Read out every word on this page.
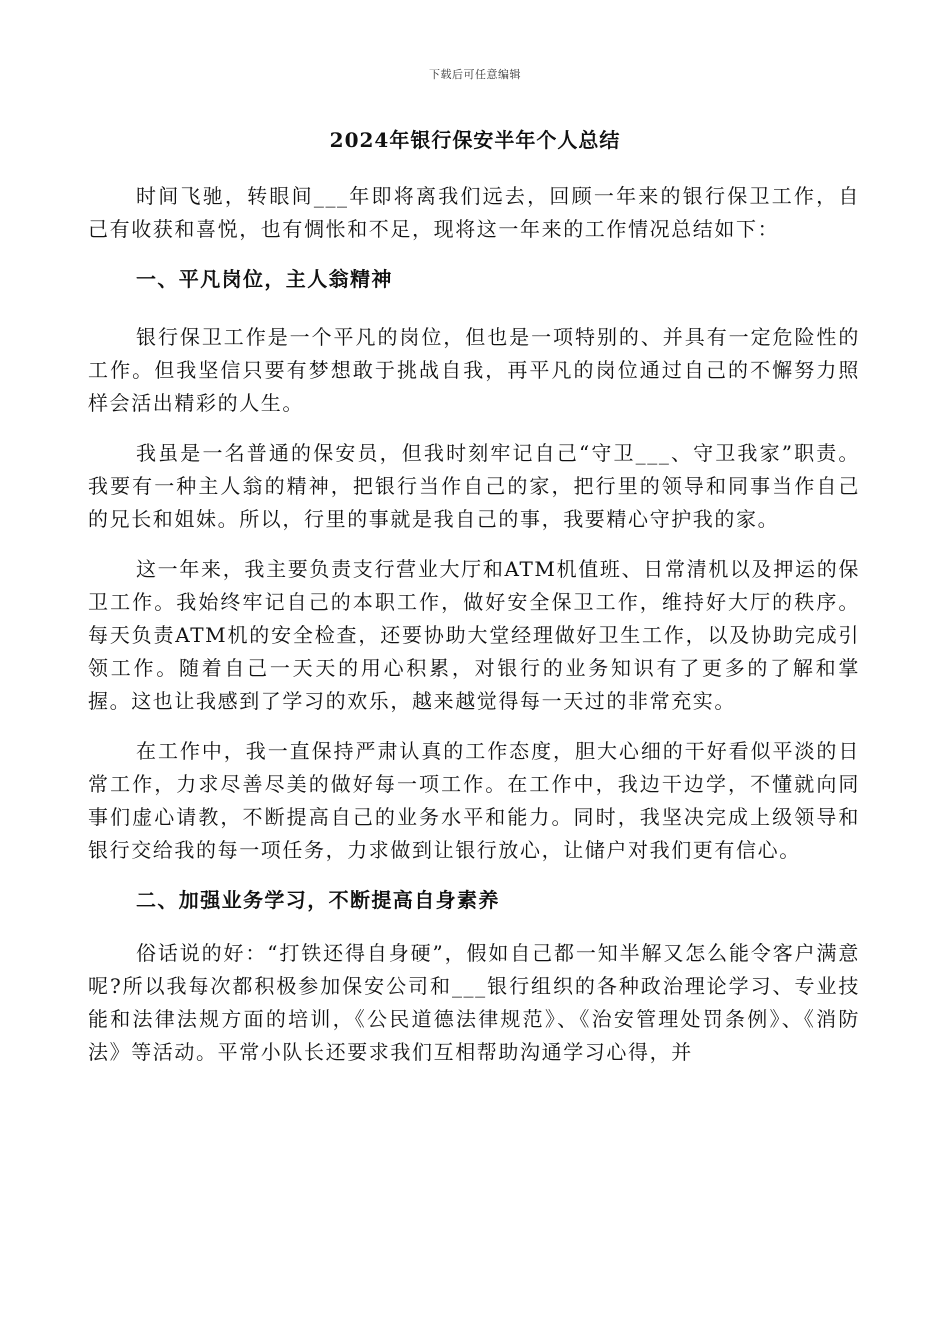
下载后可任意编辑
2024年银行保安半年个人总结

时间飞驰，转眼间___年即将离我们远去，回顾一年来的银行保卫工作，自己有收获和喜悦，也有惆怅和不足，现将这一年来的工作情况总结如下：

一、平凡岗位，主人翁精神

银行保卫工作是一个平凡的岗位，但也是一项特别的、并具有一定危险性的工作。但我坚信只要有梦想敢于挑战自我，再平凡的岗位通过自己的不懈努力照样会活出精彩的人生。

我虽是一名普通的保安员，但我时刻牢记自己“守卫___、守卫我家”职责。我要有一种主人翁的精神，把银行当作自己的家，把行里的领导和同事当作自己的兄长和姐妹。所以，行里的事就是我自己的事，我要精心守护我的家。

这一年来，我主要负责支行营业大厅和ATM机值班、日常清机以及押运的保卫工作。我始终牢记自己的本职工作，做好安全保卫工作，维持好大厅的秩序。每天负责ATM机的安全检查，还要协助大堂经理做好卫生工作，以及协助完成引领工作。随着自己一天天的用心积累，对银行的业务知识有了更多的了解和掌握。这也让我感到了学习的欢乐，越来越觉得每一天过的非常充实。

在工作中，我一直保持严肃认真的工作态度，胆大心细的干好看似平淡的日常工作，力求尽善尽美的做好每一项工作。在工作中，我边干边学，不懂就向同事们虚心请教，不断提高自己的业务水平和能力。同时，我坚决完成上级领导和银行交给我的每一项任务，力求做到让银行放心，让储户对我们更有信心。

二、加强业务学习，不断提高自身素养

俗话说的好：“打铁还得自身硬”，假如自己都一知半解又怎么能令客户满意呢?所以我每次都积极参加保安公司和___银行组织的各种政治理论学习、专业技能和法律法规方面的培训，《公民道德法律规范》、《治安管理处罚条例》、《消防法》等活动。平常小队长还要求我们互相帮助沟通学习心得，并
